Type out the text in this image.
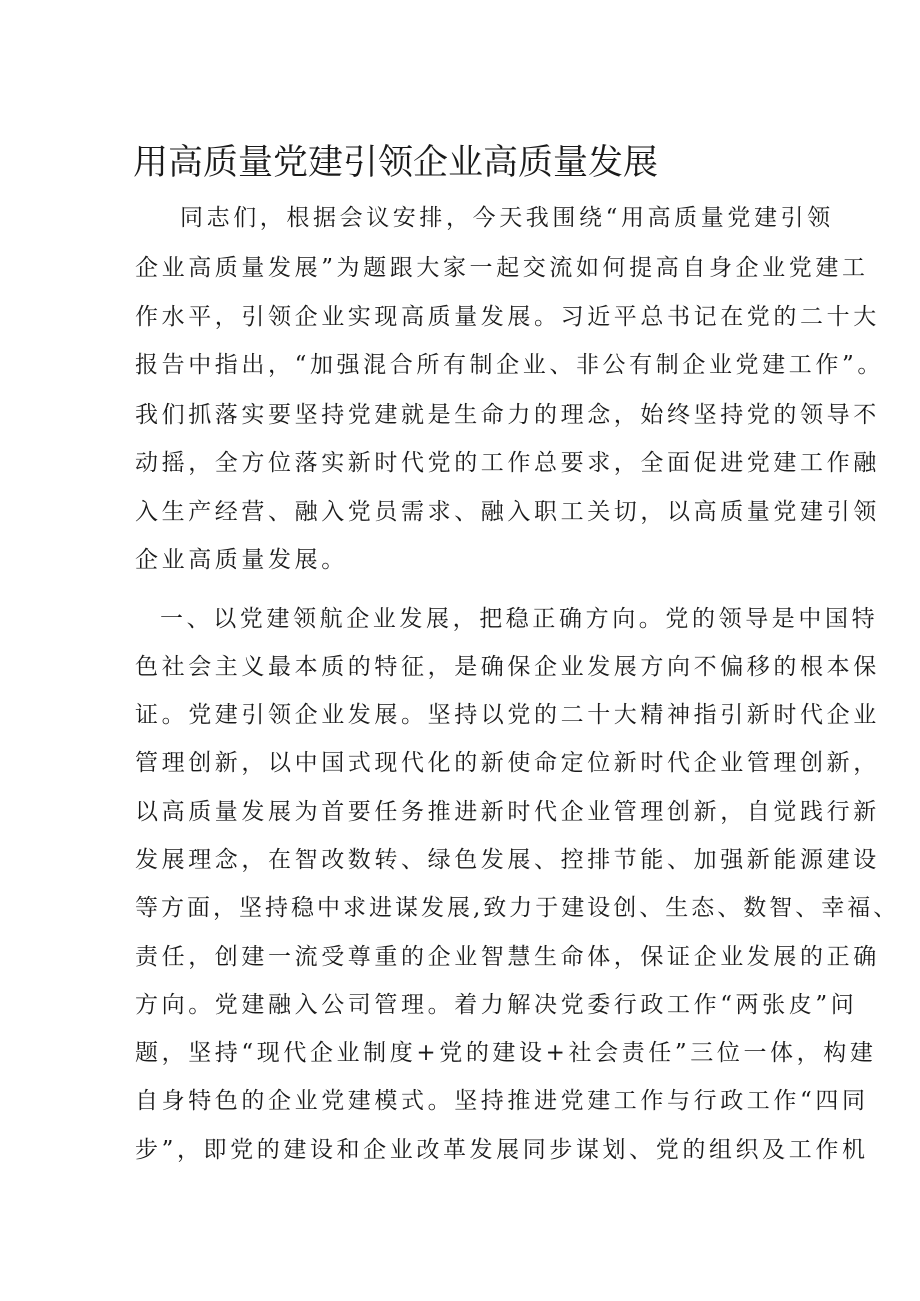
用高质量党建引领企业高质量发展
同志们，根据会议安排，今天我围绕“用高质量党建引领
企业高质量发展”为题跟大家一起交流如何提高自身企业党建工
作水平，引领企业实现高质量发展。习近平总书记在党的二十大
报告中指出，“加强混合所有制企业、非公有制企业党建工作”。
我们抓落实要坚持党建就是生命力的理念，始终坚持党的领导不
动摇，全方位落实新时代党的工作总要求，全面促进党建工作融
入生产经营、融入党员需求、融入职工关切，以高质量党建引领
企业高质量发展。
一、以党建领航企业发展，把稳正确方向。党的领导是中国特
色社会主义最本质的特征，是确保企业发展方向不偏移的根本保
证。党建引领企业发展。坚持以党的二十大精神指引新时代企业
管理创新，以中国式现代化的新使命定位新时代企业管理创新，
以高质量发展为首要任务推进新时代企业管理创新，自觉践行新
发展理念，在智改数转、绿色发展、控排节能、加强新能源建设
等方面，坚持稳中求进谋发展,致力于建设创、生态、数智、幸福、
责任，创建一流受尊重的企业智慧生命体，保证企业发展的正确
方向。党建融入公司管理。着力解决党委行政工作“两张皮”问
题，坚持“现代企业制度+党的建设+社会责任”三位一体，构建
自身特色的企业党建模式。坚持推进党建工作与行政工作“四同
步”，即党的建设和企业改革发展同步谋划、党的组织及工作机
